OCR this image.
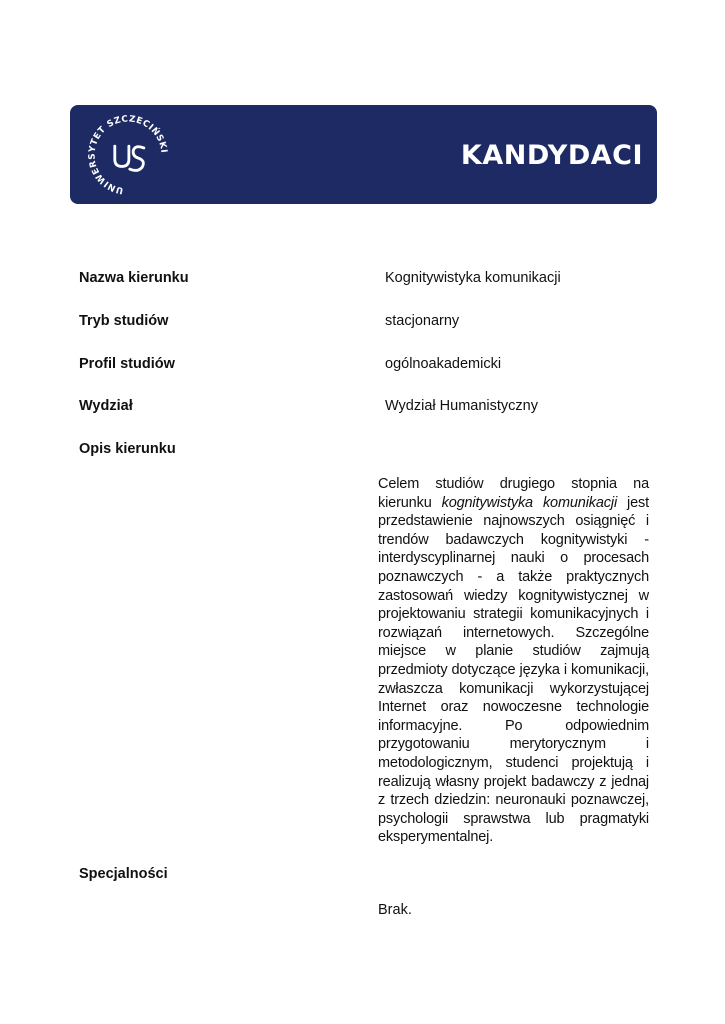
UNIWERSYTET SZCZECIŃSKI	KANDYDACI
Nazwa kierunku	Kognitywistyka komunikacji
Tryb studiów	stacjonarny
Profil studiów	ogólnoakademicki
Wydział	Wydział Humanistyczny
Opis kierunku
Celem studiów drugiego stopnia na kierunku kognitywistyka komunikacji jest przedstawienie najnowszych osiągnięć i trendów badawczych kognitywistyki - interdyscyplinarnej nauki o procesach poznawczych - a także praktycznych zastosowań wiedzy kognitywistycznej w projektowaniu strategii komunikacyjnych i rozwiązań internetowych. Szczególne miejsce w planie studiów zajmują przedmioty dotyczące języka i komunikacji, zwłaszcza komunikacji wykorzystującej Internet oraz nowoczesne technologie informacyjne. Po odpowiednim przygotowaniu merytorycznym i metodologicznym, studenci projektują i realizują własny projekt badawczy z jednaj z trzech dziedzin: neuronauki poznawczej, psychologii sprawstwa lub pragmatyki eksperymentalnej.
Specjalności
Brak.
